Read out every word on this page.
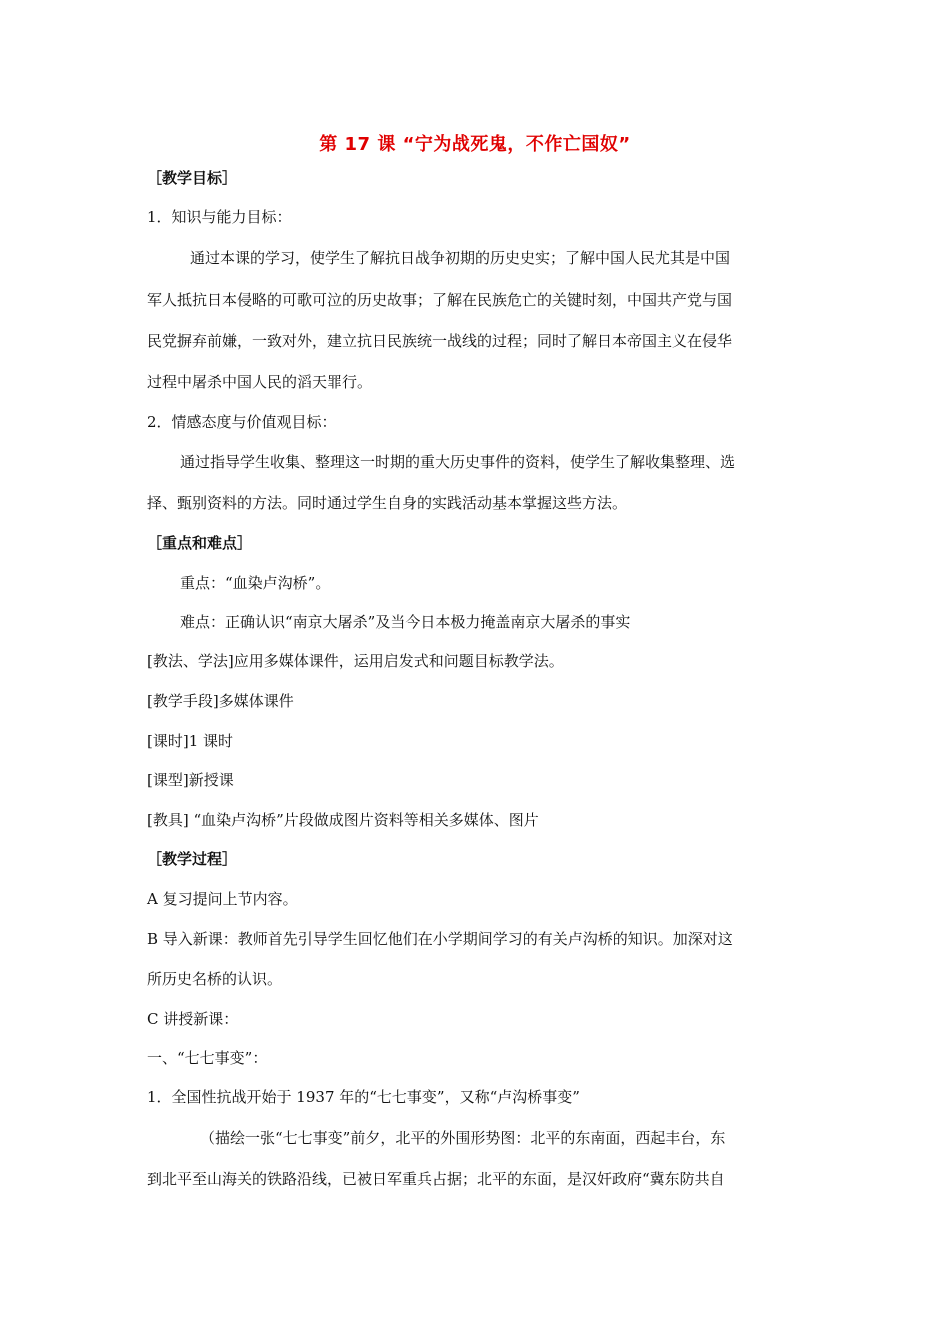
第 17 课 “宁为战死鬼，不作亡国奴”
［教学目标］
1．知识与能力目标：
通过本课的学习，使学生了解抗日战争初期的历史史实；了解中国人民尤其是中国
军人抵抗日本侵略的可歌可泣的历史故事；了解在民族危亡的关键时刻，中国共产党与国
民党摒弃前嫌，一致对外，建立抗日民族统一战线的过程；同时了解日本帝国主义在侵华
过程中屠杀中国人民的滔天罪行。
2．情感态度与价值观目标：
通过指导学生收集、整理这一时期的重大历史事件的资料，使学生了解收集整理、选
择、甄别资料的方法。同时通过学生自身的实践活动基本掌握这些方法。
［重点和难点］
重点：“血染卢沟桥”。
难点：正确认识“南京大屠杀”及当今日本极力掩盖南京大屠杀的事实
[教法、学法]应用多媒体课件，运用启发式和问题目标教学法。
[教学手段]多媒体课件
[课时]1 课时
[课型]新授课
[教具] “血染卢沟桥”片段做成图片资料等相关多媒体、图片
［教学过程］
A 复习提问上节内容。
B 导入新课：教师首先引导学生回忆他们在小学期间学习的有关卢沟桥的知识。加深对这
所历史名桥的认识。
C 讲授新课：
一、“七七事变”：
1．全国性抗战开始于 1937 年的“七七事变”，又称“卢沟桥事变”
（描绘一张“七七事变”前夕，北平的外围形势图：北平的东南面，西起丰台，东
到北平至山海关的铁路沿线，已被日军重兵占据；北平的东面，是汉奸政府“冀东防共自
